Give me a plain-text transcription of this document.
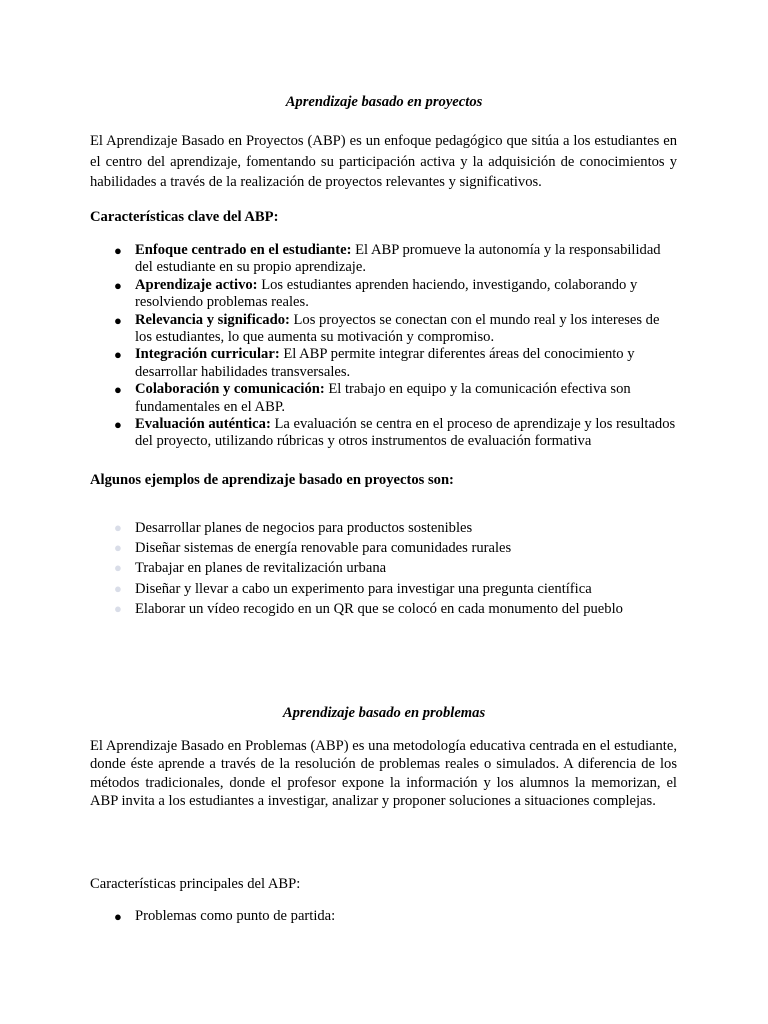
Aprendizaje basado en proyectos
El Aprendizaje Basado en Proyectos (ABP) es un enfoque pedagógico que sitúa a los estudiantes en el centro del aprendizaje, fomentando su participación activa y la adquisición de conocimientos y habilidades a través de la realización de proyectos relevantes y significativos.
Características clave del ABP:
● Enfoque centrado en el estudiante: El ABP promueve la autonomía y la responsabilidad del estudiante en su propio aprendizaje.
● Aprendizaje activo: Los estudiantes aprenden haciendo, investigando, colaborando y resolviendo problemas reales.
● Relevancia y significado: Los proyectos se conectan con el mundo real y los intereses de los estudiantes, lo que aumenta su motivación y compromiso.
● Integración curricular: El ABP permite integrar diferentes áreas del conocimiento y desarrollar habilidades transversales.
● Colaboración y comunicación: El trabajo en equipo y la comunicación efectiva son fundamentales en el ABP.
● Evaluación auténtica: La evaluación se centra en el proceso de aprendizaje y los resultados del proyecto, utilizando rúbricas y otros instrumentos de evaluación formativa
Algunos ejemplos de aprendizaje basado en proyectos son:
● Desarrollar planes de negocios para productos sostenibles
● Diseñar sistemas de energía renovable para comunidades rurales
● Trabajar en planes de revitalización urbana
● Diseñar y llevar a cabo un experimento para investigar una pregunta científica
● Elaborar un vídeo recogido en un QR que se colocó en cada monumento del pueblo
Aprendizaje basado en problemas
El Aprendizaje Basado en Problemas (ABP) es una metodología educativa centrada en el estudiante, donde éste aprende a través de la resolución de problemas reales o simulados. A diferencia de los métodos tradicionales, donde el profesor expone la información y los alumnos la memorizan, el ABP invita a los estudiantes a investigar, analizar y proponer soluciones a situaciones complejas.
Características principales del ABP:
● Problemas como punto de partida:
